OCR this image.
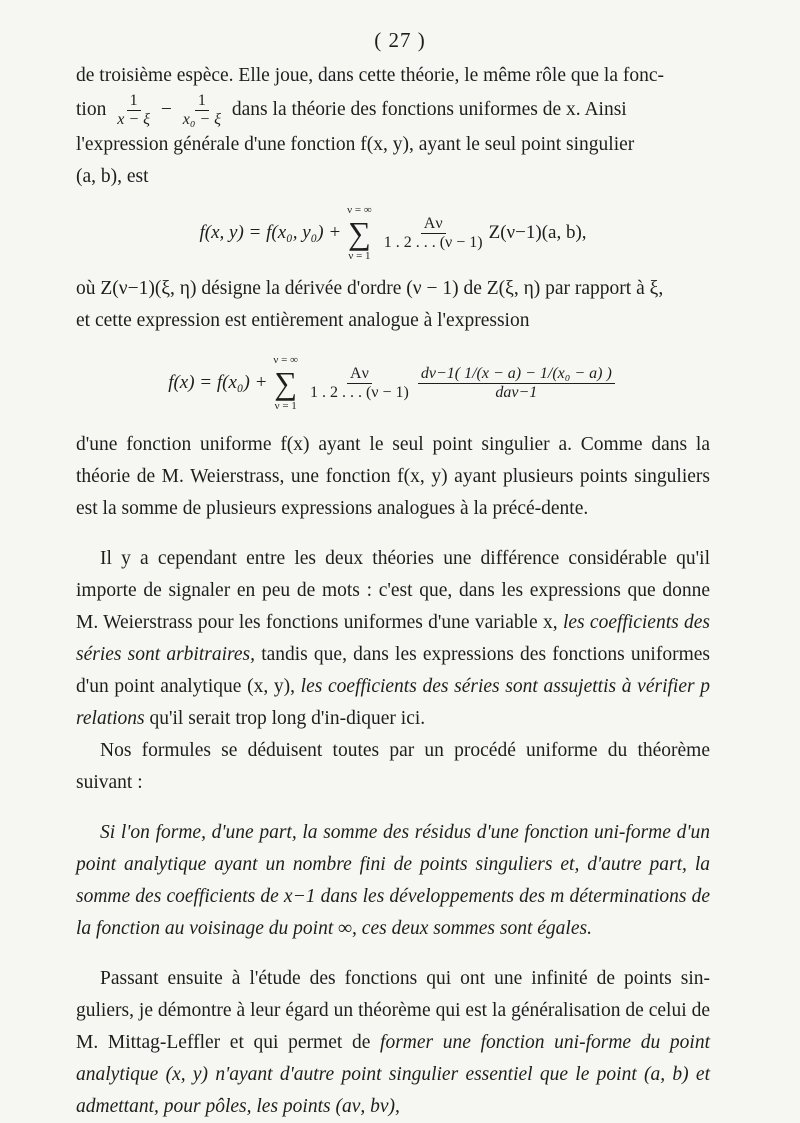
( 27 )

de troisième espèce. Elle joue, dans cette théorie, le même rôle que la fonc-

tion $\frac{1}{x - \xi} - \frac{1}{\text{x₀ − ξ}}$ dans la théorie des fonctions uniformes de x. Ainsi

l'expression générale d'une fonction f(x, y), ayant le seul point singulier

(a, b), est

f(x, y) = f(x₀, y₀) +
ν = ∞
∑
ν = 1
$\frac{A\nu}{1 . 2 . . . (\nu - 1)} Z(\nu-1)(a$, b),

où Z(ν−1)(ξ, η) désigne la dérivée d'ordre (ν − 1) de Z(ξ, η) par rapport à ξ,

et cette expression est entièrement analogue à l'expression

f(x) = f(x₀) +
ν = ∞
∑
ν = 1
$\frac{A\nu}{1 . 2 . . . (\nu - 1)} \frac{\text{dν−1( 1/(x − a) − 1/(x₀ − a) )}}{\text{daν−1}}$

d'une fonction uniforme f(x) ayant le seul point singulier a. Comme dans la théorie de M. Weierstrass, une fonction f(x, y) ayant plusieurs points singuliers est la somme de plusieurs expressions analogues à la précé-dente.

Il y a cependant entre les deux théories une différence considérable qu'il importe de signaler en peu de mots : c'est que, dans les expressions que donne M. Weierstrass pour les fonctions uniformes d'une variable x, les coefficients des séries sont arbitraires, tandis que, dans les expressions des fonctions uniformes d'un point analytique (x, y), les coefficients des séries sont assujettis à vérifier p relations qu'il serait trop long d'in-diquer ici.

Nos formules se déduisent toutes par un procédé uniforme du théorème suivant :

Si l'on forme, d'une part, la somme des résidus d'une fonction uni-forme d'un point analytique ayant un nombre fini de points singuliers et, d'autre part, la somme des coefficients de x−1 dans les développements des m déterminations de la fonction au voisinage du point ∞, ces deux sommes sont égales.

Passant ensuite à l'étude des fonctions qui ont une infinité de points sin-guliers, je démontre à leur égard un théorème qui est la généralisation de celui de M. Mittag-Leffler et qui permet de former une fonction uni-forme du point analytique (x, y) n'ayant d'autre point singulier essentiel que le point (a, b) et admettant, pour pôles, les points (aν, bν),
